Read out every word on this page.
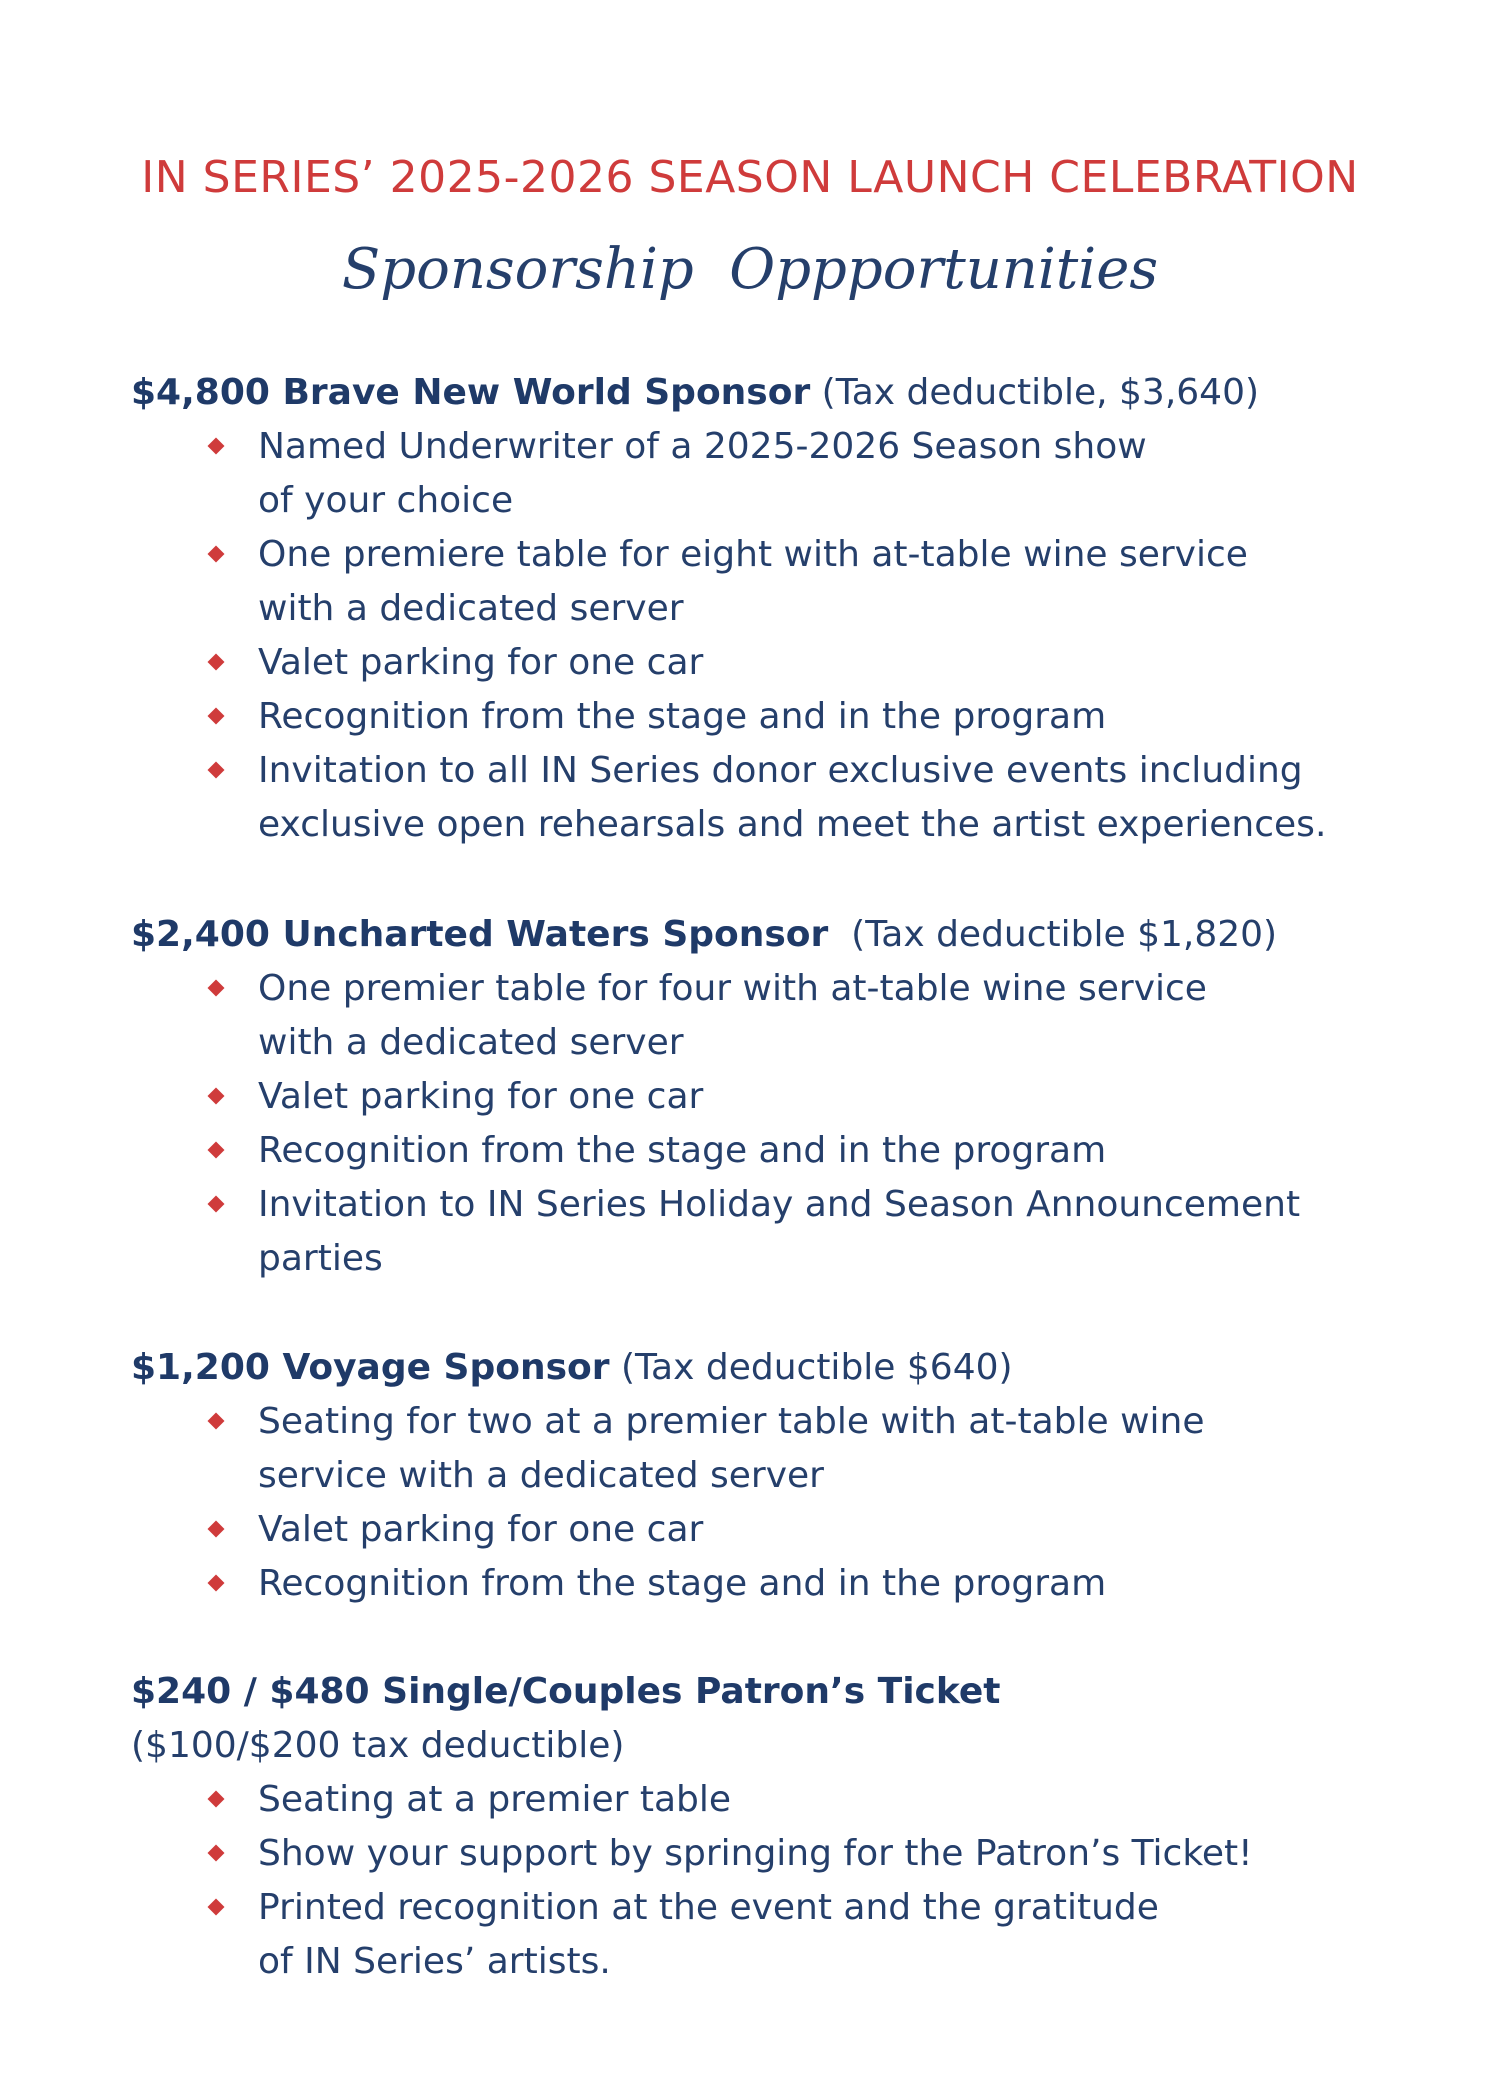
IN SERIES’ 2025-2026 SEASON LAUNCH CELEBRATION
Sponsorship  Oppportunities
$4,800 Brave New World Sponsor (Tax deductible, $3,640)
Named Underwriter of a 2025-2026 Season show
of your choice
One premiere table for eight with at-table wine service
with a dedicated server
Valet parking for one car
Recognition from the stage and in the program
Invitation to all IN Series donor exclusive events including
exclusive open rehearsals and meet the artist experiences.
$2,400 Uncharted Waters Sponsor  (Tax deductible $1,820)
One premier table for four with at-table wine service
with a dedicated server
Valet parking for one car
Recognition from the stage and in the program
Invitation to IN Series Holiday and Season Announcement
parties
$1,200 Voyage Sponsor (Tax deductible $640)
Seating for two at a premier table with at-table wine
service with a dedicated server
Valet parking for one car
Recognition from the stage and in the program
$240 / $480 Single/Couples Patron’s Ticket
($100/$200 tax deductible)
Seating at a premier table
Show your support by springing for the Patron’s Ticket!
Printed recognition at the event and the gratitude
of IN Series’ artists.
